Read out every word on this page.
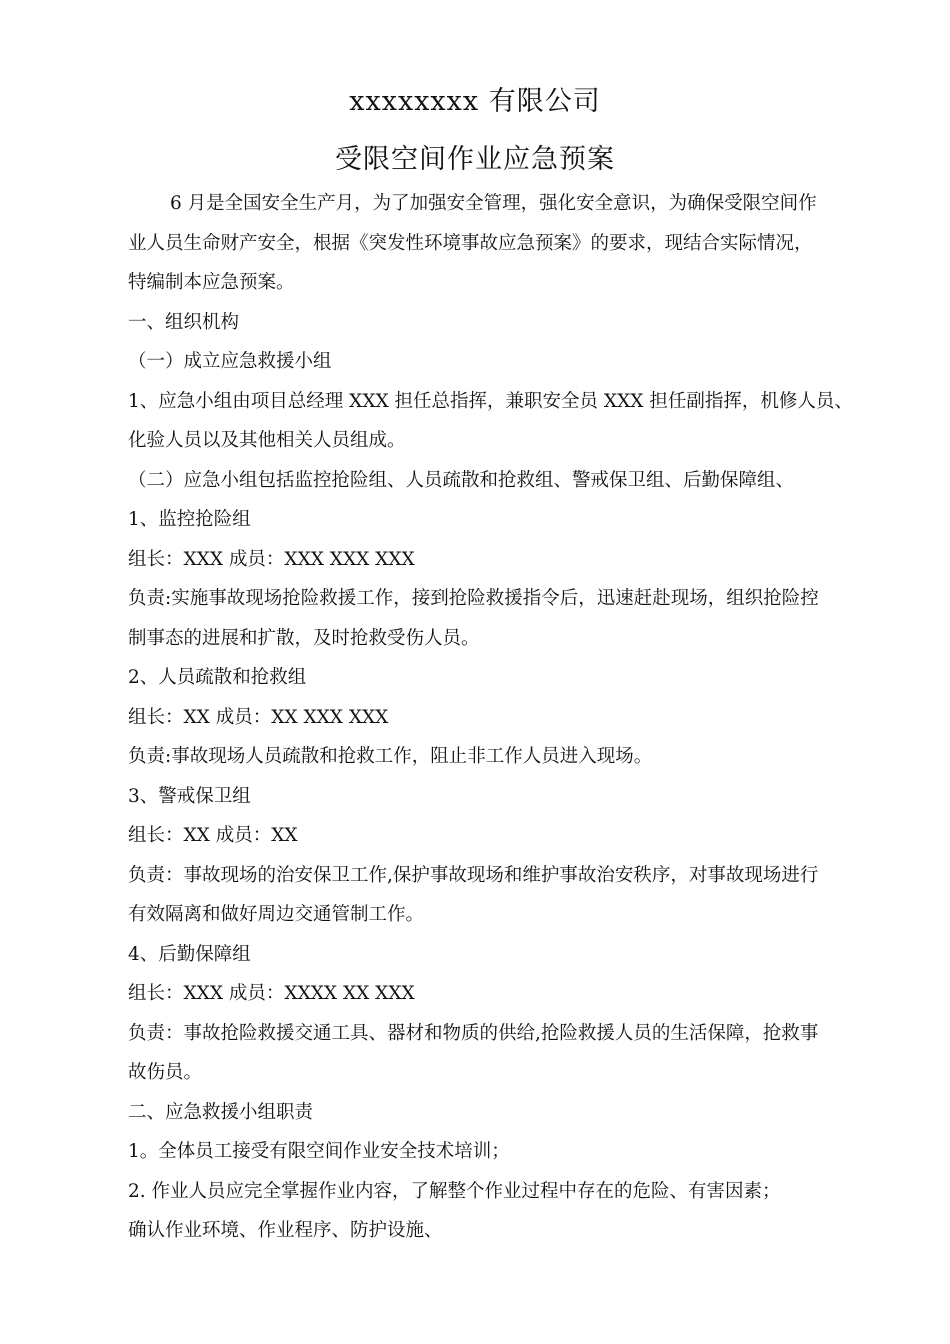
xxxxxxxx 有限公司
受限空间作业应急预案
6 月是全国安全生产月，为了加强安全管理，强化安全意识，为确保受限空间作
业人员生命财产安全，根据《突发性环境事故应急预案》的要求，现结合实际情况，
特编制本应急预案。
一、组织机构
（一）成立应急救援小组
1、应急小组由项目总经理 XXX 担任总指挥，兼职安全员 XXX 担任副指挥，机修人员、
化验人员以及其他相关人员组成。
（二）应急小组包括监控抢险组、人员疏散和抢救组、警戒保卫组、后勤保障组、
1、监控抢险组
组长：XXX 成员：XXX XXX XXX
负责:实施事故现场抢险救援工作，接到抢险救援指令后，迅速赶赴现场，组织抢险控
制事态的进展和扩散，及时抢救受伤人员。
2、人员疏散和抢救组
组长：XX 成员：XX XXX XXX
负责:事故现场人员疏散和抢救工作，阻止非工作人员进入现场。
3、警戒保卫组
组长：XX 成员：XX
负责：事故现场的治安保卫工作,保护事故现场和维护事故治安秩序，对事故现场进行
有效隔离和做好周边交通管制工作。
4、后勤保障组
组长：XXX 成员：XXXX XX XXX
负责：事故抢险救援交通工具、器材和物质的供给,抢险救援人员的生活保障，抢救事
故伤员。
二、应急救援小组职责
1。全体员工接受有限空间作业安全技术培训；
2. 作业人员应完全掌握作业内容，了解整个作业过程中存在的危险、有害因素；
确认作业环境、作业程序、防护设施、
